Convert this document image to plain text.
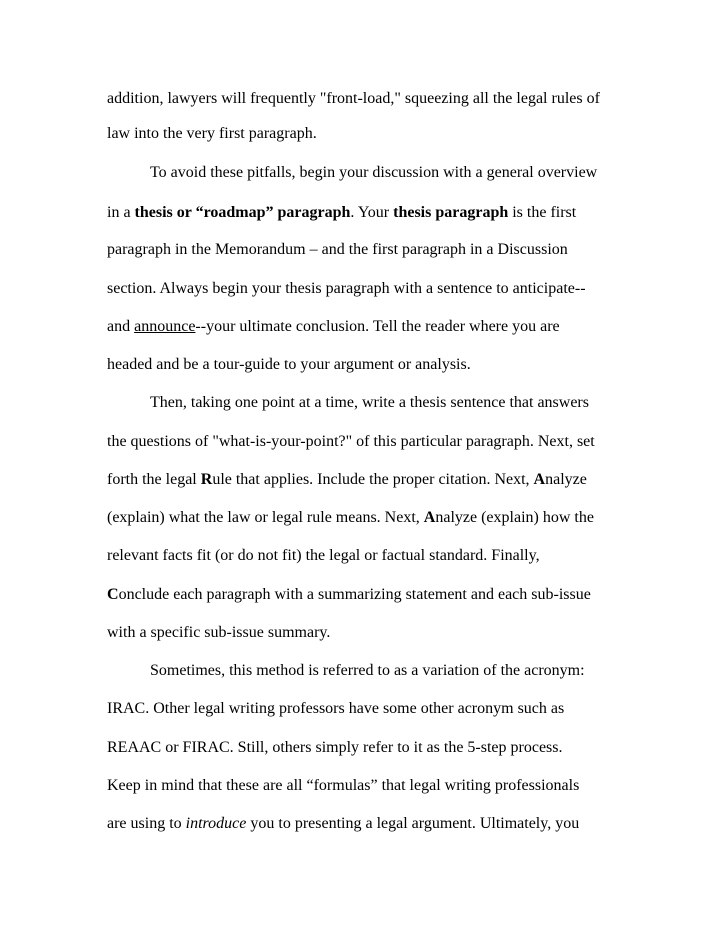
addition, lawyers will frequently "front-load," squeezing all the legal rules of
law into the very first paragraph.
To avoid these pitfalls, begin your discussion with a general overview
in a thesis or “roadmap” paragraph. Your thesis paragraph is the first
paragraph in the Memorandum – and the first paragraph in a Discussion
section. Always begin your thesis paragraph with a sentence to anticipate--
and announce--your ultimate conclusion. Tell the reader where you are
headed and be a tour-guide to your argument or analysis.
Then, taking one point at a time, write a thesis sentence that answers
the questions of "what-is-your-point?" of this particular paragraph. Next, set
forth the legal Rule that applies. Include the proper citation. Next, Analyze
(explain) what the law or legal rule means. Next, Analyze (explain) how the
relevant facts fit (or do not fit) the legal or factual standard. Finally,
Conclude each paragraph with a summarizing statement and each sub-issue
with a specific sub-issue summary.
Sometimes, this method is referred to as a variation of the acronym:
IRAC. Other legal writing professors have some other acronym such as
REAAC or FIRAC. Still, others simply refer to it as the 5-step process.
Keep in mind that these are all “formulas” that legal writing professionals
are using to introduce you to presenting a legal argument. Ultimately, you
